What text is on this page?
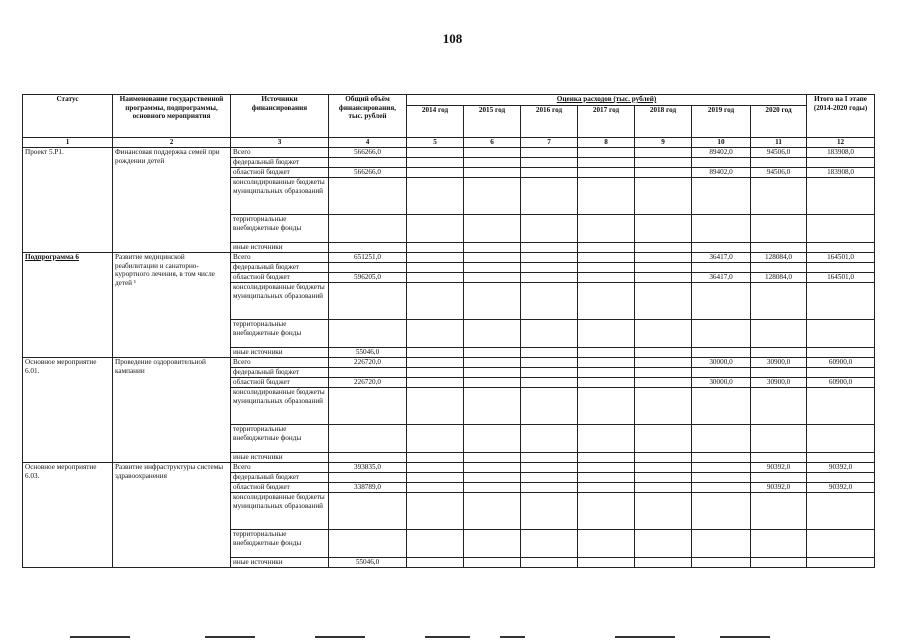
108
Статус	Наименование государственной программы, подпрограммы, основного мероприятия	Источники финансирования	Общий объём финансирования, тыс. рублей	Оценка расходов (тыс. рублей)							Итого на I этапе (2014-2020 годы)
				2014 год	2015 год	2016 год	2017 год	2018 год	2019 год	2020 год	
1	2	3	4	5	6	7	8	9	10	11	12
Проект 5.Р1.	Финансовая поддержка семей при рождении детей	Всего	566266,0						89402,0	94506,0	183908,0
		федеральный бюджет									
		областной бюджет	566266,0						89402,0	94506,0	183908,0
		консолидированные бюджеты муниципальных образований									
		территориальные внебюджетные фонды									
		иные источники									
Подпрограмма 6	Развитие медицинской реабилитации и санаторно-курортного лечения, в том числе детей ¹	Всего	651251,0						36417,0	128084,0	164501,0
		федеральный бюджет									
		областной бюджет	596205,0						36417,0	128084,0	164501,0
		консолидированные бюджеты муниципальных образований									
		территориальные внебюджетные фонды									
		иные источники	55046,0								
Основное мероприятие 6.01.	Проведение оздоровительной кампании	Всего	226720,0						30000,0	30900,0	60900,0
		федеральный бюджет									
		областной бюджет	226720,0						30000,0	30900,0	60900,0
		консолидированные бюджеты муниципальных образований									
		территориальные внебюджетные фонды									
		иные источники									
Основное мероприятие 6.03.	Развитие инфраструктуры системы здравоохранения	Всего	393835,0							90392,0	90392,0
		федеральный бюджет									
		областной бюджет	338789,0							90392,0	90392,0
		консолидированные бюджеты муниципальных образований									
		территориальные внебюджетные фонды									
		иные источники	55046,0								
